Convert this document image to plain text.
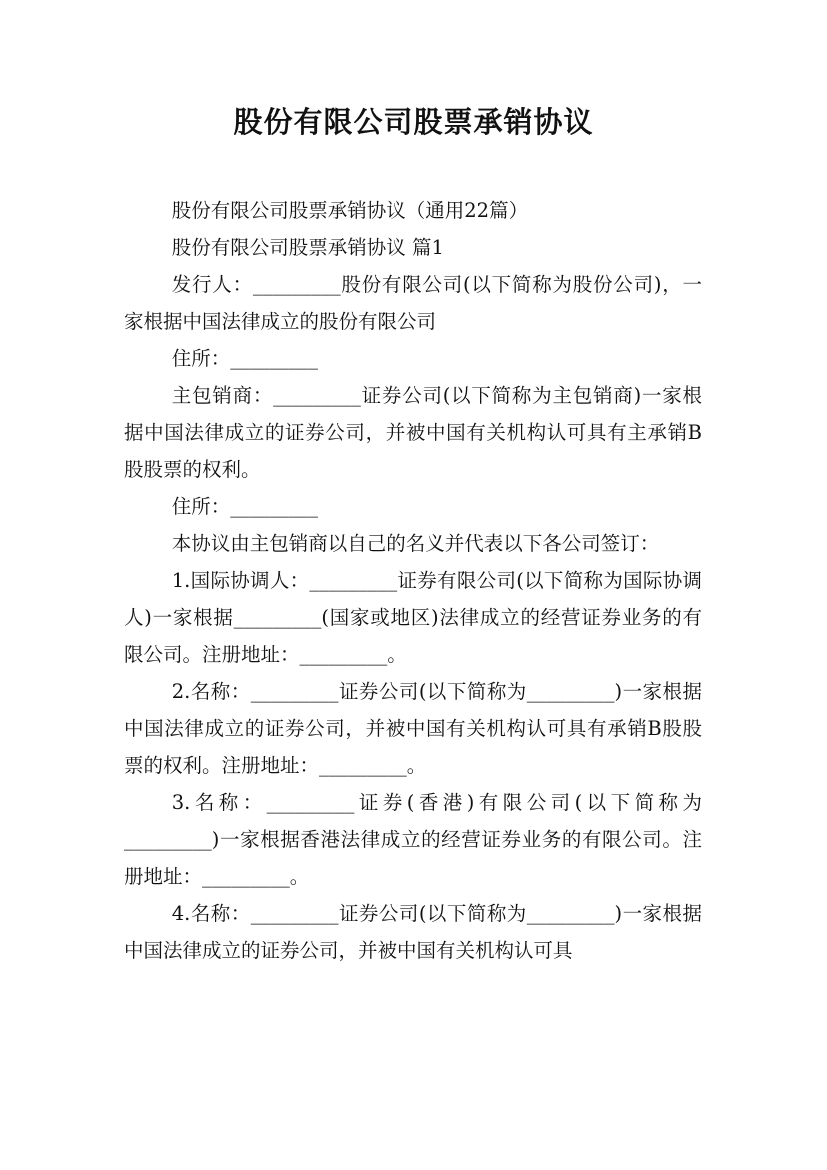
股份有限公司股票承销协议

股份有限公司股票承销协议（通用22篇）

股份有限公司股票承销协议 篇1

发行人：_________股份有限公司(以下简称为股份公司)，一家根据中国法律成立的股份有限公司

住所：_________

主包销商：_________证券公司(以下简称为主包销商)一家根据中国法律成立的证券公司，并被中国有关机构认可具有主承销B股股票的权利。

住所：_________

本协议由主包销商以自己的名义并代表以下各公司签订：

1.国际协调人：_________证券有限公司(以下简称为国际协调人)一家根据_________(国家或地区)法律成立的经营证券业务的有限公司。注册地址：_________。

2.名称：_________证券公司(以下简称为_________)一家根据中国法律成立的证券公司，并被中国有关机构认可具有承销B股股票的权利。注册地址：_________。

3.名称：_________证券(香港)有限公司(以下简称为_________)一家根据香港法律成立的经营证券业务的有限公司。注册地址：_________。

4.名称：_________证券公司(以下简称为_________)一家根据中国法律成立的证券公司，并被中国有关机构认可具
